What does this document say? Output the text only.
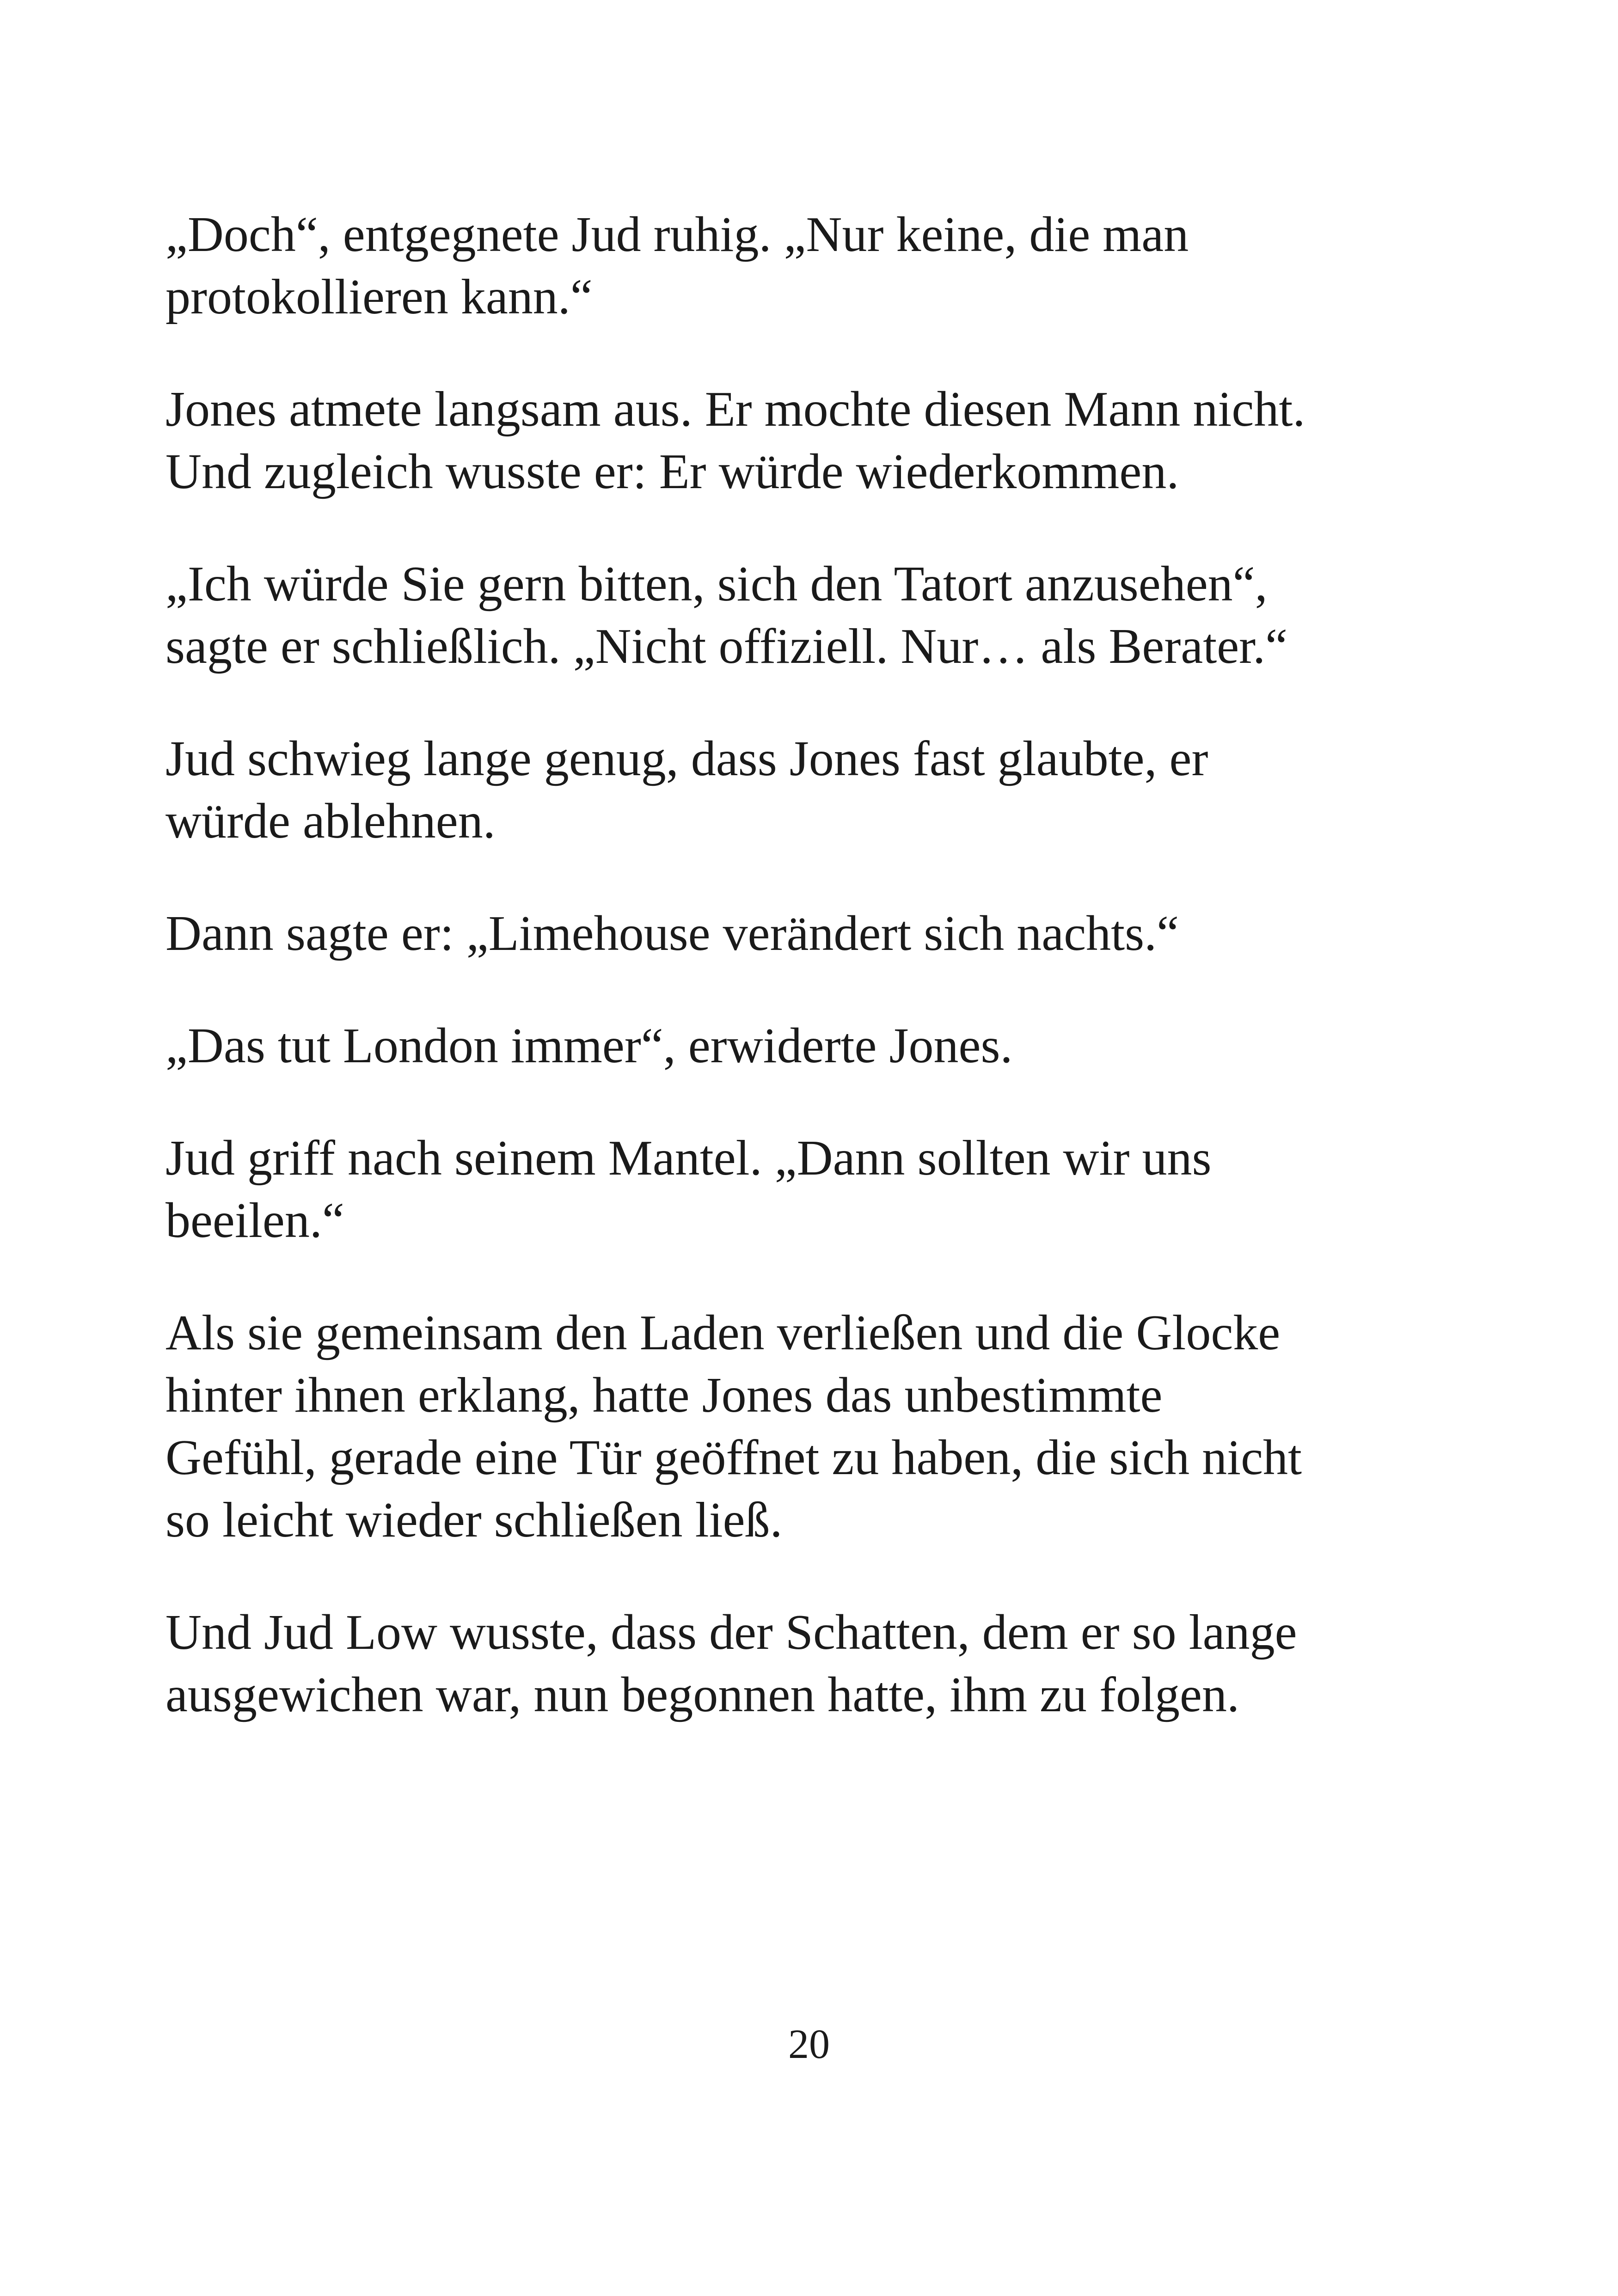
„Doch“, entgegnete Jud ruhig. „Nur keine, die man
protokollieren kann.“

Jones atmete langsam aus. Er mochte diesen Mann nicht.
Und zugleich wusste er: Er würde wiederkommen.

„Ich würde Sie gern bitten, sich den Tatort anzusehen“,
sagte er schließlich. „Nicht offiziell. Nur… als Berater.“

Jud schwieg lange genug, dass Jones fast glaubte, er
würde ablehnen.

Dann sagte er: „Limehouse verändert sich nachts.“

„Das tut London immer“, erwiderte Jones.

Jud griff nach seinem Mantel. „Dann sollten wir uns
beeilen.“

Als sie gemeinsam den Laden verließen und die Glocke
hinter ihnen erklang, hatte Jones das unbestimmte
Gefühl, gerade eine Tür geöffnet zu haben, die sich nicht
so leicht wieder schließen ließ.

Und Jud Low wusste, dass der Schatten, dem er so lange
ausgewichen war, nun begonnen hatte, ihm zu folgen.

20
